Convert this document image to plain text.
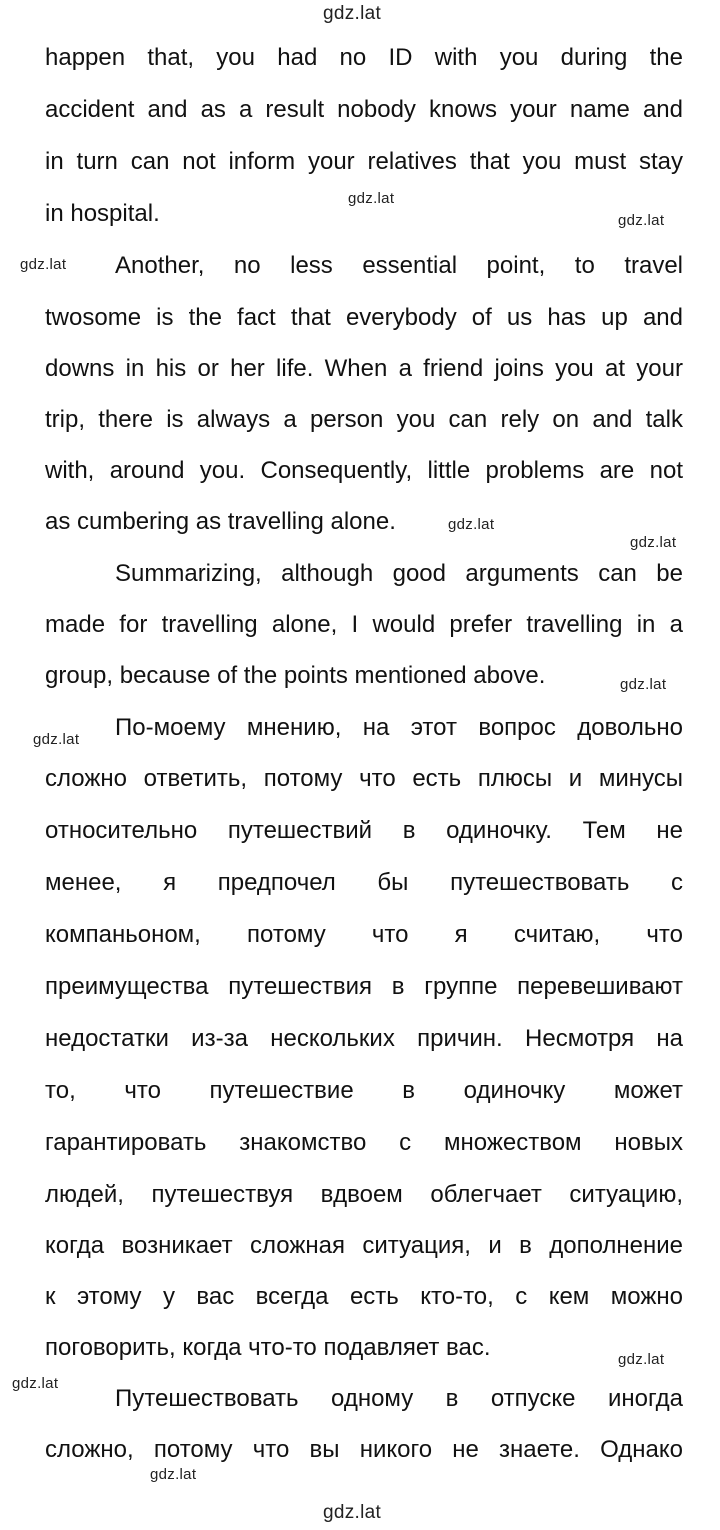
happen that, you had no ID with you during the
accident and as a result nobody knows your name and
in turn can not inform your relatives that you must stay
in hospital.
Another, no less essential point, to travel
twosome is the fact that everybody of us has up and
downs in his or her life. When a friend joins you at your
trip, there is always a person you can rely on and talk
with, around you. Consequently, little problems are not
as cumbering as travelling alone.
Summarizing, although good arguments can be
made for travelling alone, I would prefer travelling in a
group, because of the points mentioned above.
По-моему мнению, на этот вопрос довольно
сложно ответить, потому что есть плюсы и минусы
относительно путешествий в одиночку. Тем не
менее, я предпочел бы путешествовать с
компаньоном, потому что я считаю, что
преимущества путешествия в группе перевешивают
недостатки из-за нескольких причин. Несмотря на
то, что путешествие в одиночку может
гарантировать знакомство с множеством новых
людей, путешествуя вдвоем облегчает ситуацию,
когда возникает сложная ситуация, и в дополнение
к этому у вас всегда есть кто-то, с кем можно
поговорить, когда что-то подавляет вас.
Путешествовать одному в отпуске иногда
сложно, потому что вы никого не знаете. Однако
gdz.lat
gdz.lat
gdz.lat
gdz.lat
gdz.lat
gdz.lat
gdz.lat
gdz.lat
gdz.lat
gdz.lat
gdz.lat
gdz.lat
